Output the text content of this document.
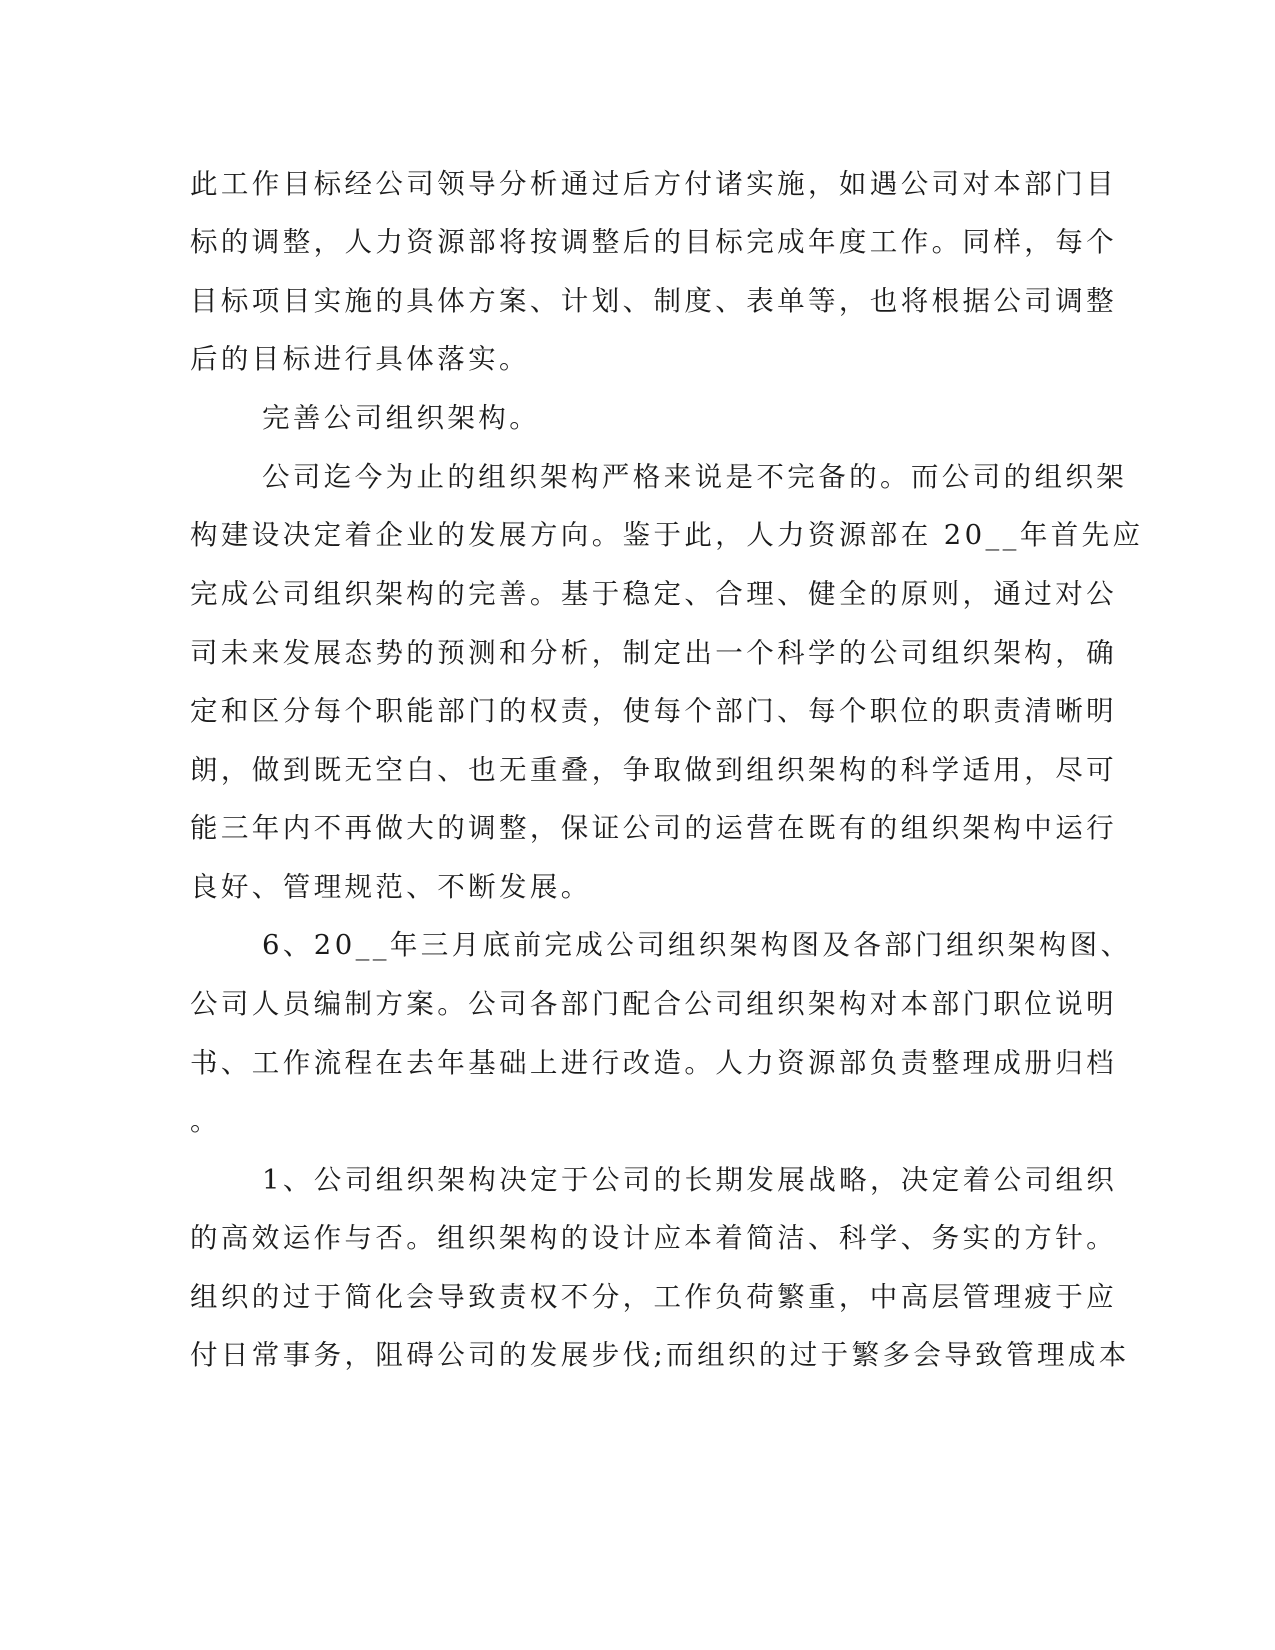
此工作目标经公司领导分析通过后方付诸实施，如遇公司对本部门目

标的调整，人力资源部将按调整后的目标完成年度工作。同样，每个

目标项目实施的具体方案、计划、制度、表单等，也将根据公司调整

后的目标进行具体落实。

完善公司组织架构。

公司迄今为止的组织架构严格来说是不完备的。而公司的组织架

构建设决定着企业的发展方向。鉴于此，人力资源部在 20__年首先应

完成公司组织架构的完善。基于稳定、合理、健全的原则，通过对公

司未来发展态势的预测和分析，制定出一个科学的公司组织架构，确

定和区分每个职能部门的权责，使每个部门、每个职位的职责清晰明

朗，做到既无空白、也无重叠，争取做到组织架构的科学适用，尽可

能三年内不再做大的调整，保证公司的运营在既有的组织架构中运行

良好、管理规范、不断发展。

6、20__年三月底前完成公司组织架构图及各部门组织架构图、

公司人员编制方案。公司各部门配合公司组织架构对本部门职位说明

书、工作流程在去年基础上进行改造。人力资源部负责整理成册归档

。

1、公司组织架构决定于公司的长期发展战略，决定着公司组织

的高效运作与否。组织架构的设计应本着简洁、科学、务实的方针。

组织的过于简化会导致责权不分，工作负荷繁重，中高层管理疲于应

付日常事务，阻碍公司的发展步伐;而组织的过于繁多会导致管理成本
